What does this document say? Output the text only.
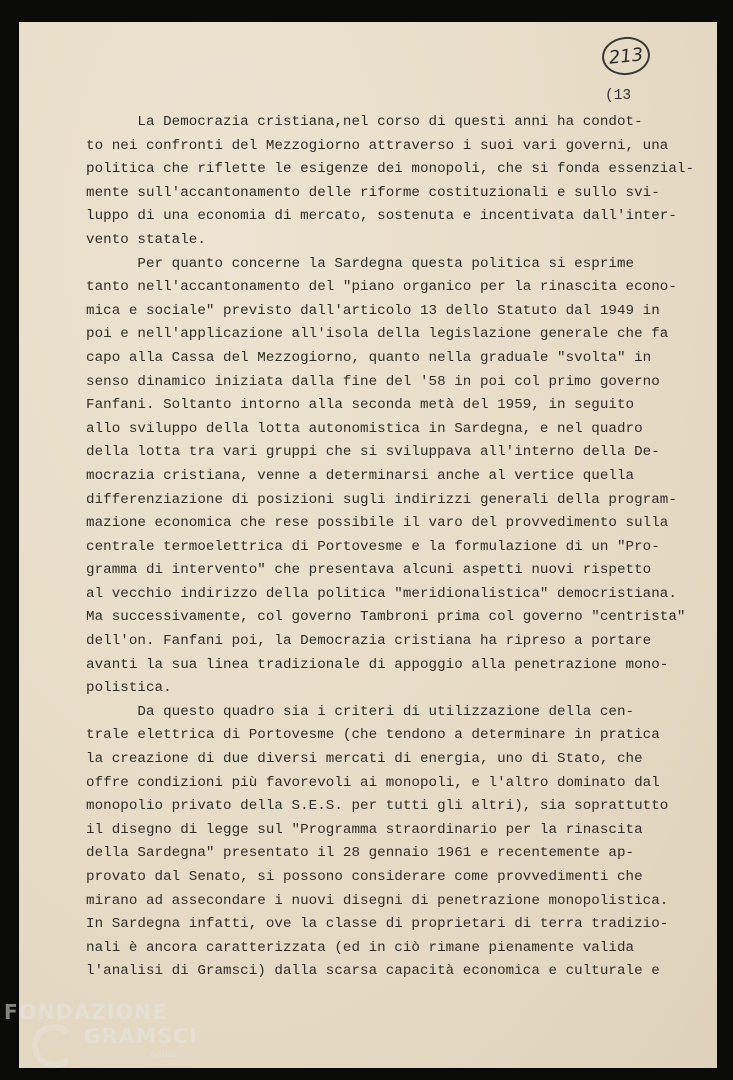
213
(13
La Democrazia cristiana,nel corso di questi anni ha condot-
to nei confronti del Mezzogiorno attraverso i suoi vari governi, una
politica che riflette le esigenze dei monopoli, che si fonda essenzial-
mente sull'accantonamento delle riforme costituzionali e sullo svi-
luppo di una economia di mercato, sostenuta e incentivata dall'inter-
vento statale.
Per quanto concerne la Sardegna questa politica si esprime
tanto nell'accantonamento del "piano organico per la rinascita econo-
mica e sociale" previsto dall'articolo 13 dello Statuto dal 1949 in
poi e nell'applicazione all'isola della legislazione generale che fa
capo alla Cassa del Mezzogiorno, quanto nella graduale "svolta" in
senso dinamico iniziata dalla fine del '58 in poi col primo governo
Fanfani. Soltanto intorno alla seconda metà del 1959, in seguito
allo sviluppo della lotta autonomistica in Sardegna, e nel quadro
della lotta tra vari gruppi che si sviluppava all'interno della De-
mocrazia cristiana, venne a determinarsi anche al vertice quella
differenziazione di posizioni sugli indirizzi generali della program-
mazione economica che rese possibile il varo del provvedimento sulla
centrale termoelettrica di Portovesme e la formulazione di un "Pro-
gramma di intervento" che presentava alcuni aspetti nuovi rispetto
al vecchio indirizzo della politica "meridionalistica" democristiana.
Ma successivamente, col governo Tambroni prima col governo "centrista"
dell'on. Fanfani poi, la Democrazia cristiana ha ripreso a portare
avanti la sua linea tradizionale di appoggio alla penetrazione mono-
polistica.
Da questo quadro sia i criteri di utilizzazione della cen-
trale elettrica di Portovesme (che tendono a determinare in pratica
la creazione di due diversi mercati di energia, uno di Stato, che
offre condizioni più favorevoli ai monopoli, e l'altro dominato dal
monopolio privato della S.E.S. per tutti gli altri), sia soprattutto
il disegno di legge sul "Programma straordinario per la rinascita
della Sardegna" presentato il 28 gennaio 1961 e recentemente ap-
provato dal Senato, si possono considerare come provvedimenti che
mirano ad assecondare i nuovi disegni di penetrazione monopolistica.
In Sardegna infatti, ove la classe di proprietari di terra tradizio-
nali è ancora caratterizzata (ed in ciò rimane pienamente valida
l'analisi di Gramsci) dalla scarsa capacità economica e culturale e
FONDAZIONE
GRAMSCI
onlus
